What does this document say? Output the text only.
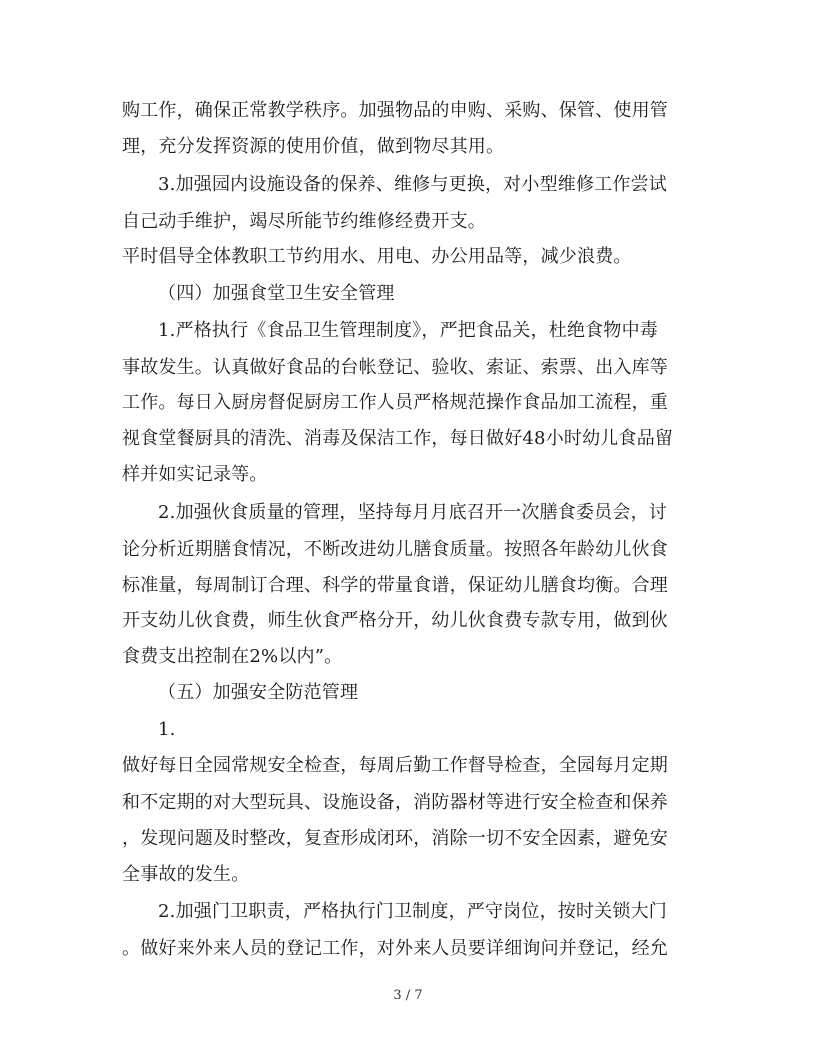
购工作，确保正常教学秩序。加强物品的申购、采购、保管、使用管
理，充分发挥资源的使用价值，做到物尽其用。
3.加强园内设施设备的保养、维修与更换，对小型维修工作尝试
自己动手维护，竭尽所能节约维修经费开支。
平时倡导全体教职工节约用水、用电、办公用品等，减少浪费。
（四）加强食堂卫生安全管理
1.严格执行《食品卫生管理制度》，严把食品关，杜绝食物中毒
事故发生。认真做好食品的台帐登记、验收、索证、索票、出入库等
工作。每日入厨房督促厨房工作人员严格规范操作食品加工流程，重
视食堂餐厨具的清洗、消毒及保洁工作，每日做好48小时幼儿食品留
样并如实记录等。
2.加强伙食质量的管理，坚持每月月底召开一次膳食委员会，讨
论分析近期膳食情况，不断改进幼儿膳食质量。按照各年龄幼儿伙食
标准量，每周制订合理、科学的带量食谱，保证幼儿膳食均衡。合理
开支幼儿伙食费，师生伙食严格分开，幼儿伙食费专款专用，做到伙
食费支出控制在2%以内”。
（五）加强安全防范管理
1.
做好每日全园常规安全检查，每周后勤工作督导检查，全园每月定期
和不定期的对大型玩具、设施设备，消防器材等进行安全检查和保养
，发现问题及时整改，复查形成闭环，消除一切不安全因素，避免安
全事故的发生。
2.加强门卫职责，严格执行门卫制度，严守岗位，按时关锁大门
。做好来外来人员的登记工作，对外来人员要详细询问并登记，经允
3 / 7
